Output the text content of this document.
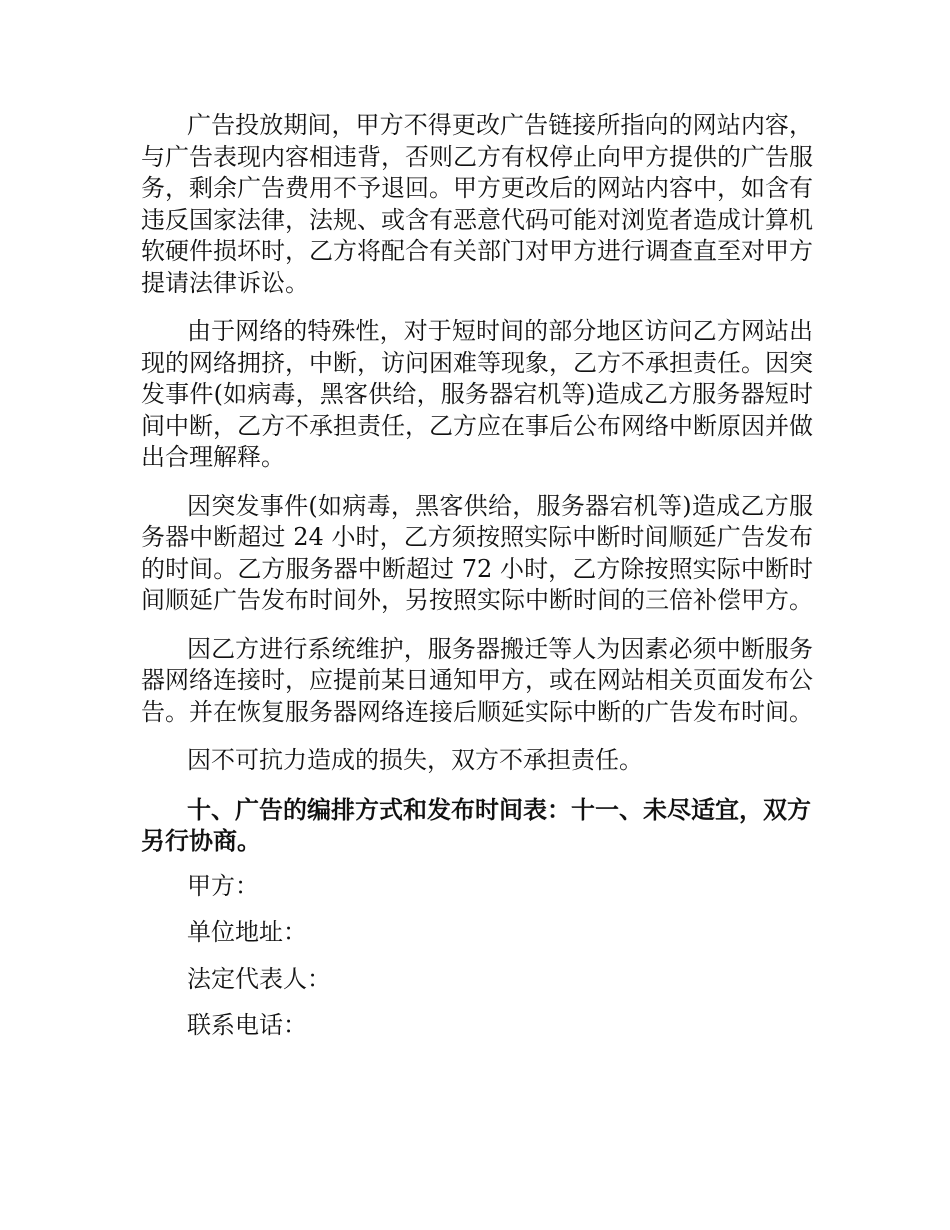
广告投放期间，甲方不得更改广告链接所指向的网站内容，与广告表现内容相违背，否则乙方有权停止向甲方提供的广告服务，剩余广告费用不予退回。甲方更改后的网站内容中，如含有违反国家法律，法规、或含有恶意代码可能对浏览者造成计算机软硬件损坏时，乙方将配合有关部门对甲方进行调查直至对甲方提请法律诉讼。

由于网络的特殊性，对于短时间的部分地区访问乙方网站出现的网络拥挤，中断，访问困难等现象，乙方不承担责任。因突发事件(如病毒，黑客供给，服务器宕机等)造成乙方服务器短时间中断，乙方不承担责任，乙方应在事后公布网络中断原因并做出合理解释。

因突发事件(如病毒，黑客供给，服务器宕机等)造成乙方服务器中断超过 24 小时，乙方须按照实际中断时间顺延广告发布的时间。乙方服务器中断超过 72 小时，乙方除按照实际中断时间顺延广告发布时间外，另按照实际中断时间的三倍补偿甲方。

因乙方进行系统维护，服务器搬迁等人为因素必须中断服务器网络连接时，应提前某日通知甲方，或在网站相关页面发布公告。并在恢复服务器网络连接后顺延实际中断的广告发布时间。

因不可抗力造成的损失，双方不承担责任。

十、广告的编排方式和发布时间表：十一、未尽适宜，双方另行协商。

甲方：

单位地址：

法定代表人：

联系电话：
